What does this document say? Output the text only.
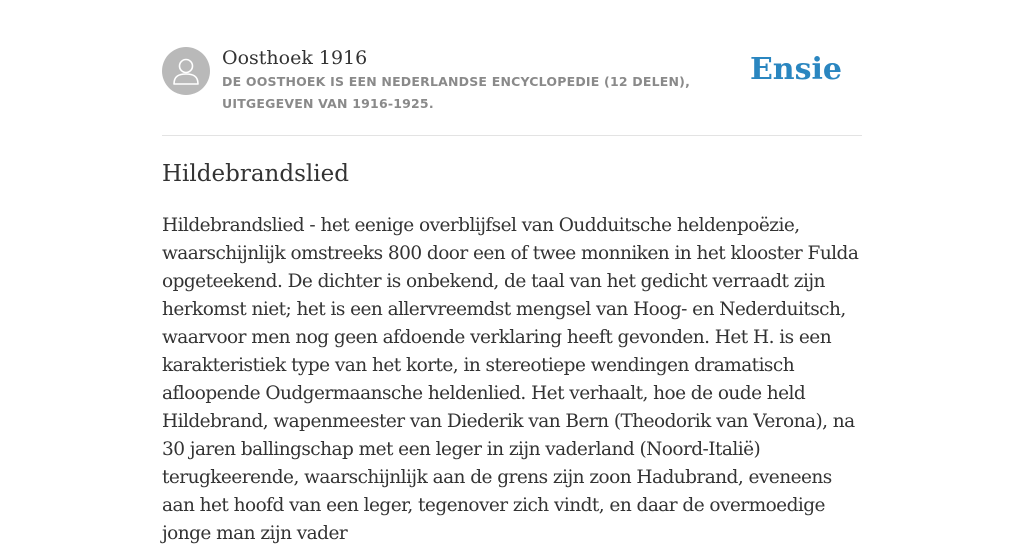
Oosthoek 1916
DE OOSTHOEK IS EEN NEDERLANDSE ENCYCLOPEDIE (12 DELEN), UITGEGEVEN VAN 1916-1925.
Ensie
Hildebrandslied

Hildebrandslied - het eenige overblijfsel van Oudduitsche heldenpoëzie, waarschijnlijk omstreeks 800 door een of twee monniken in het klooster Fulda opgeteekend. De dichter is onbekend, de taal van het gedicht verraadt zijn herkomst niet; het is een allervreemdst mengsel van Hoog- en Nederduitsch, waarvoor men nog geen afdoende verklaring heeft gevonden. Het H. is een karakteristiek type van het korte, in stereotiepe wendingen dramatisch afloopende Oudgermaansche heldenlied. Het verhaalt, hoe de oude held Hildebrand, wapenmeester van Diederik van Bern (Theodorik van Verona), na 30 jaren ballingschap met een leger in zijn vaderland (Noord-Italië) terugkeerende, waarschijnlijk aan de grens zijn zoon Hadubrand, eveneens aan het hoofd van een leger, tegenover zich vindt, en daar de overmoedige jonge man zijn vader
